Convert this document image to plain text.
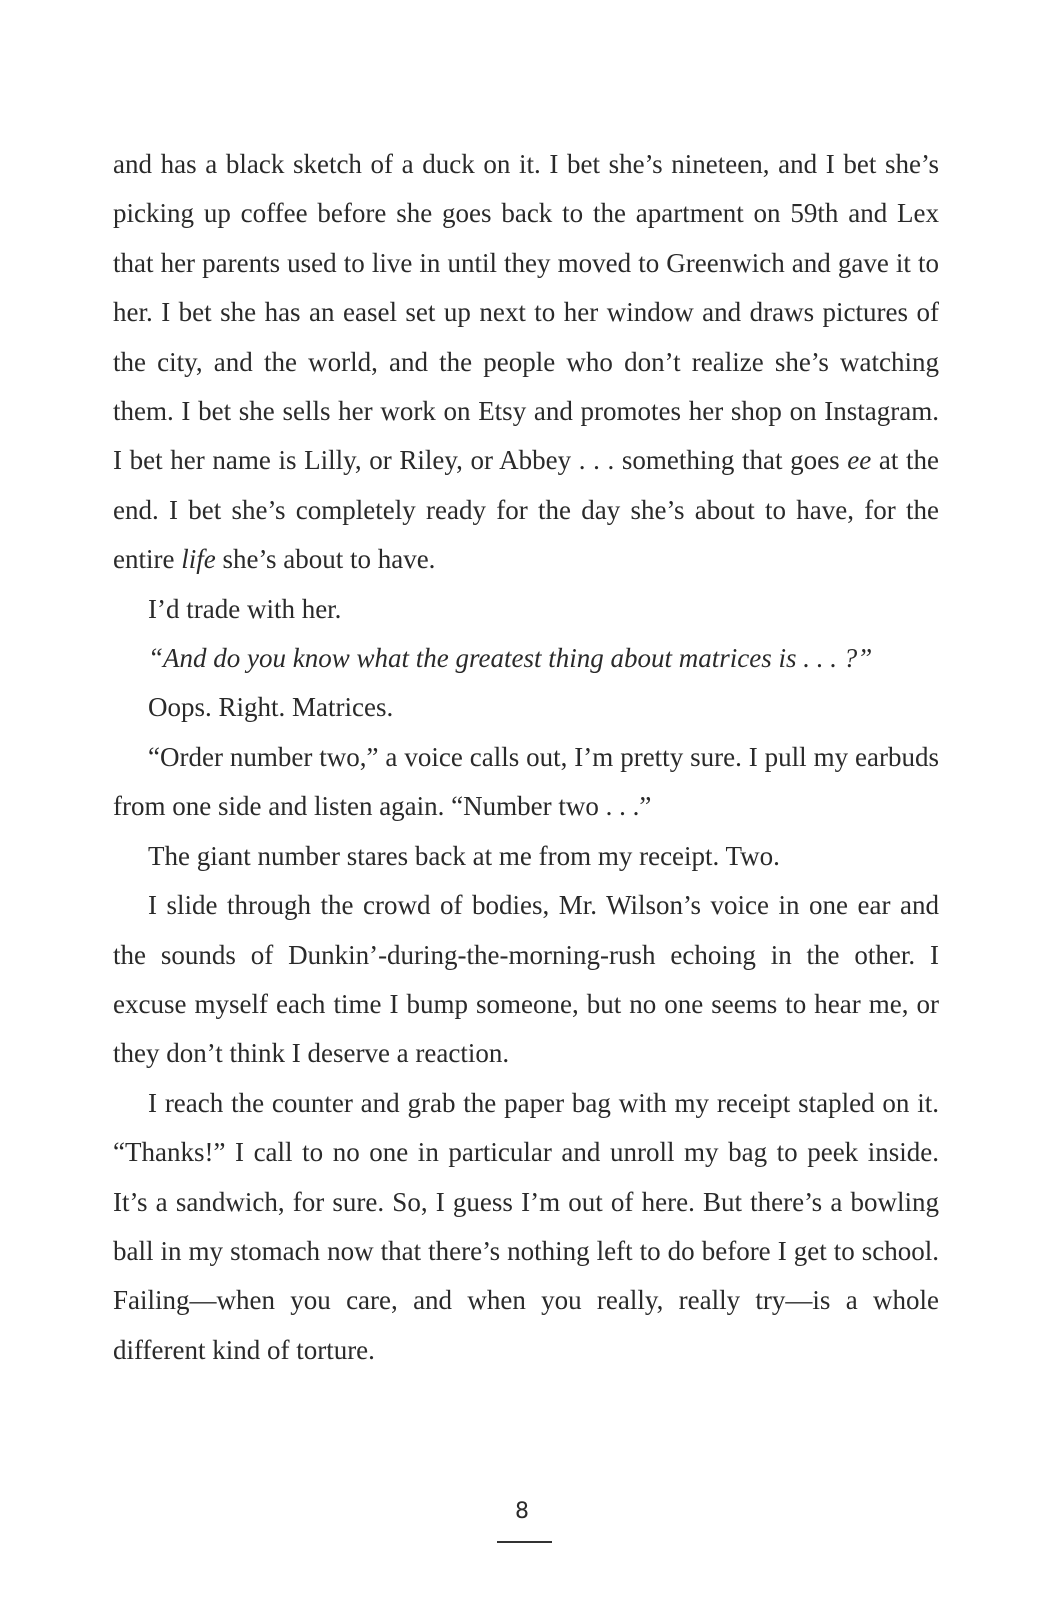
and has a black sketch of a duck on it. I bet she’s nineteen, and I bet she’s picking up coffee before she goes back to the apartment on 59th and Lex that her parents used to live in until they moved to Greenwich and gave it to her. I bet she has an easel set up next to her window and draws pictures of the city, and the world, and the people who don’t realize she’s watching them. I bet she sells her work on Etsy and promotes her shop on Instagram. I bet her name is Lilly, or Riley, or Abbey . . . something that goes ee at the end. I bet she’s completely ready for the day she’s about to have, for the entire life she’s about to have.

I’d trade with her.

“And do you know what the greatest thing about matrices is . . . ?”

Oops. Right. Matrices.

“Order number two,” a voice calls out, I’m pretty sure. I pull my earbuds from one side and listen again. “Number two . . .”

The giant number stares back at me from my receipt. Two.

I slide through the crowd of bodies, Mr. Wilson’s voice in one ear and the sounds of Dunkin’-during-the-morning-rush echoing in the other. I excuse myself each time I bump someone, but no one seems to hear me, or they don’t think I deserve a reaction.

I reach the counter and grab the paper bag with my receipt stapled on it. “Thanks!” I call to no one in particular and unroll my bag to peek inside. It’s a sandwich, for sure. So, I guess I’m out of here. But there’s a bowling ball in my stomach now that there’s nothing left to do before I get to school. Failing—when you care, and when you really, really try—is a whole different kind of torture.

8
